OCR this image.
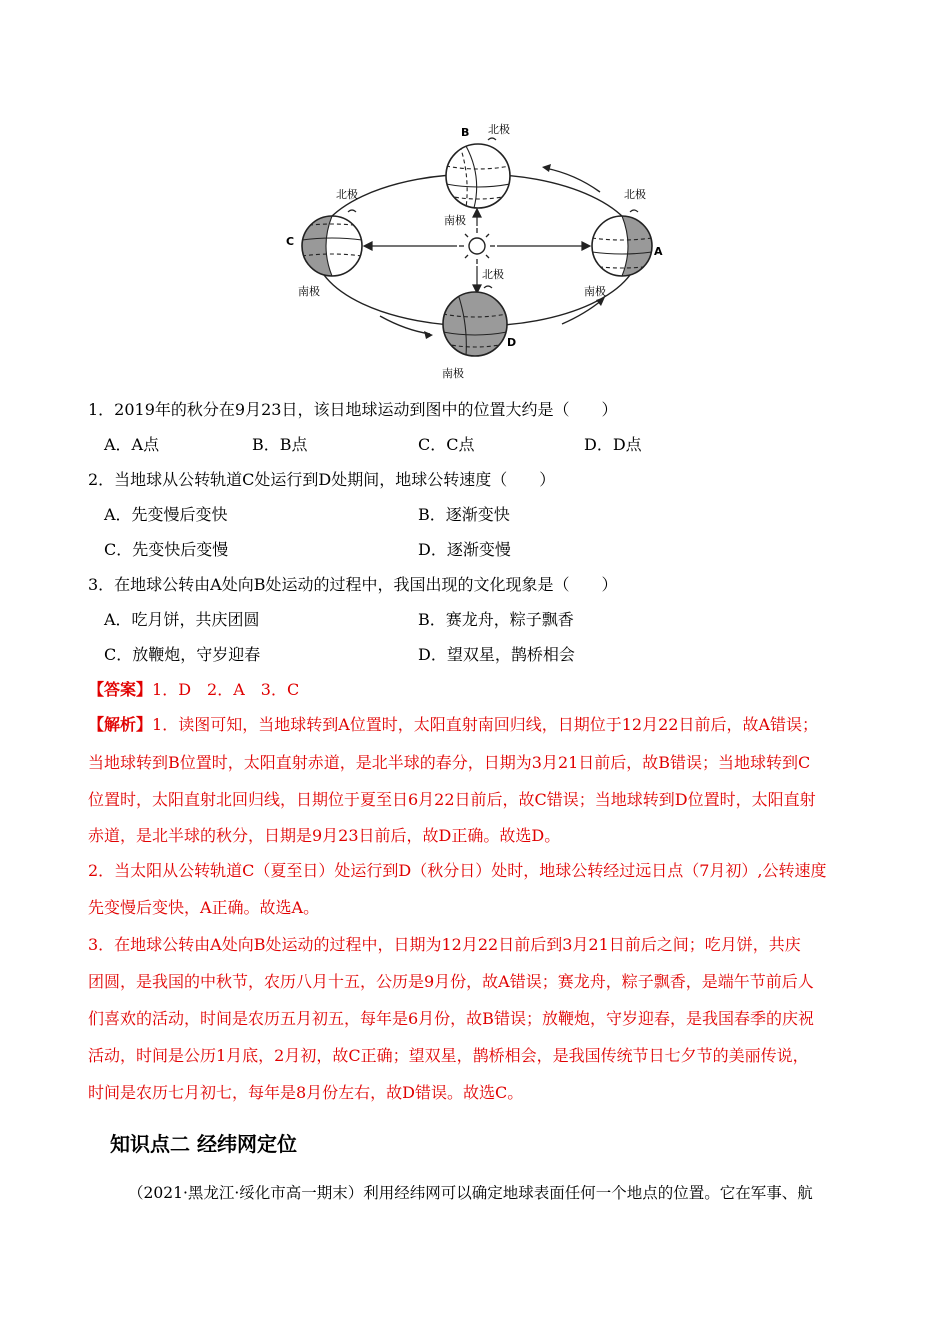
B 北极
南极
C
北极
南极
A
北极
南极
D
北极
南极
1．2019年的秋分在9月23日，该日地球运动到图中的位置大约是（　　）
A．A点	B．B点	C．C点	D．D点
2．当地球从公转轨道C处运行到D处期间，地球公转速度（　　）
A．先变慢后变快	B．逐渐变快
C．先变快后变慢	D．逐渐变慢
3．在地球公转由A处向B处运动的过程中，我国出现的文化现象是（　　）
A．吃月饼，共庆团圆	B．赛龙舟，粽子飘香
C．放鞭炮，守岁迎春	D．望双星，鹊桥相会
【答案】1．D　2．A　3．C
【解析】1．读图可知，当地球转到A位置时，太阳直射南回归线，日期位于12月22日前后，故A错误；
当地球转到B位置时，太阳直射赤道，是北半球的春分，日期为3月21日前后，故B错误；当地球转到C
位置时，太阳直射北回归线，日期位于夏至日6月22日前后，故C错误；当地球转到D位置时，太阳直射
赤道，是北半球的秋分，日期是9月23日前后，故D正确。故选D。
2．当太阳从公转轨道C（夏至日）处运行到D（秋分日）处时，地球公转经过远日点（7月初）,公转速度
先变慢后变快，A正确。故选A。
3．在地球公转由A处向B处运动的过程中，日期为12月22日前后到3月21日前后之间；吃月饼，共庆
团圆，是我国的中秋节，农历八月十五，公历是9月份，故A错误；赛龙舟，粽子飘香，是端午节前后人
们喜欢的活动，时间是农历五月初五，每年是6月份，故B错误；放鞭炮，守岁迎春，是我国春季的庆祝
活动，时间是公历1月底，2月初，故C正确；望双星，鹊桥相会，是我国传统节日七夕节的美丽传说，
时间是农历七月初七，每年是8月份左右，故D错误。故选C。
知识点二 经纬网定位
（2021·黑龙江·绥化市高一期末）利用经纬网可以确定地球表面任何一个地点的位置。它在军事、航
